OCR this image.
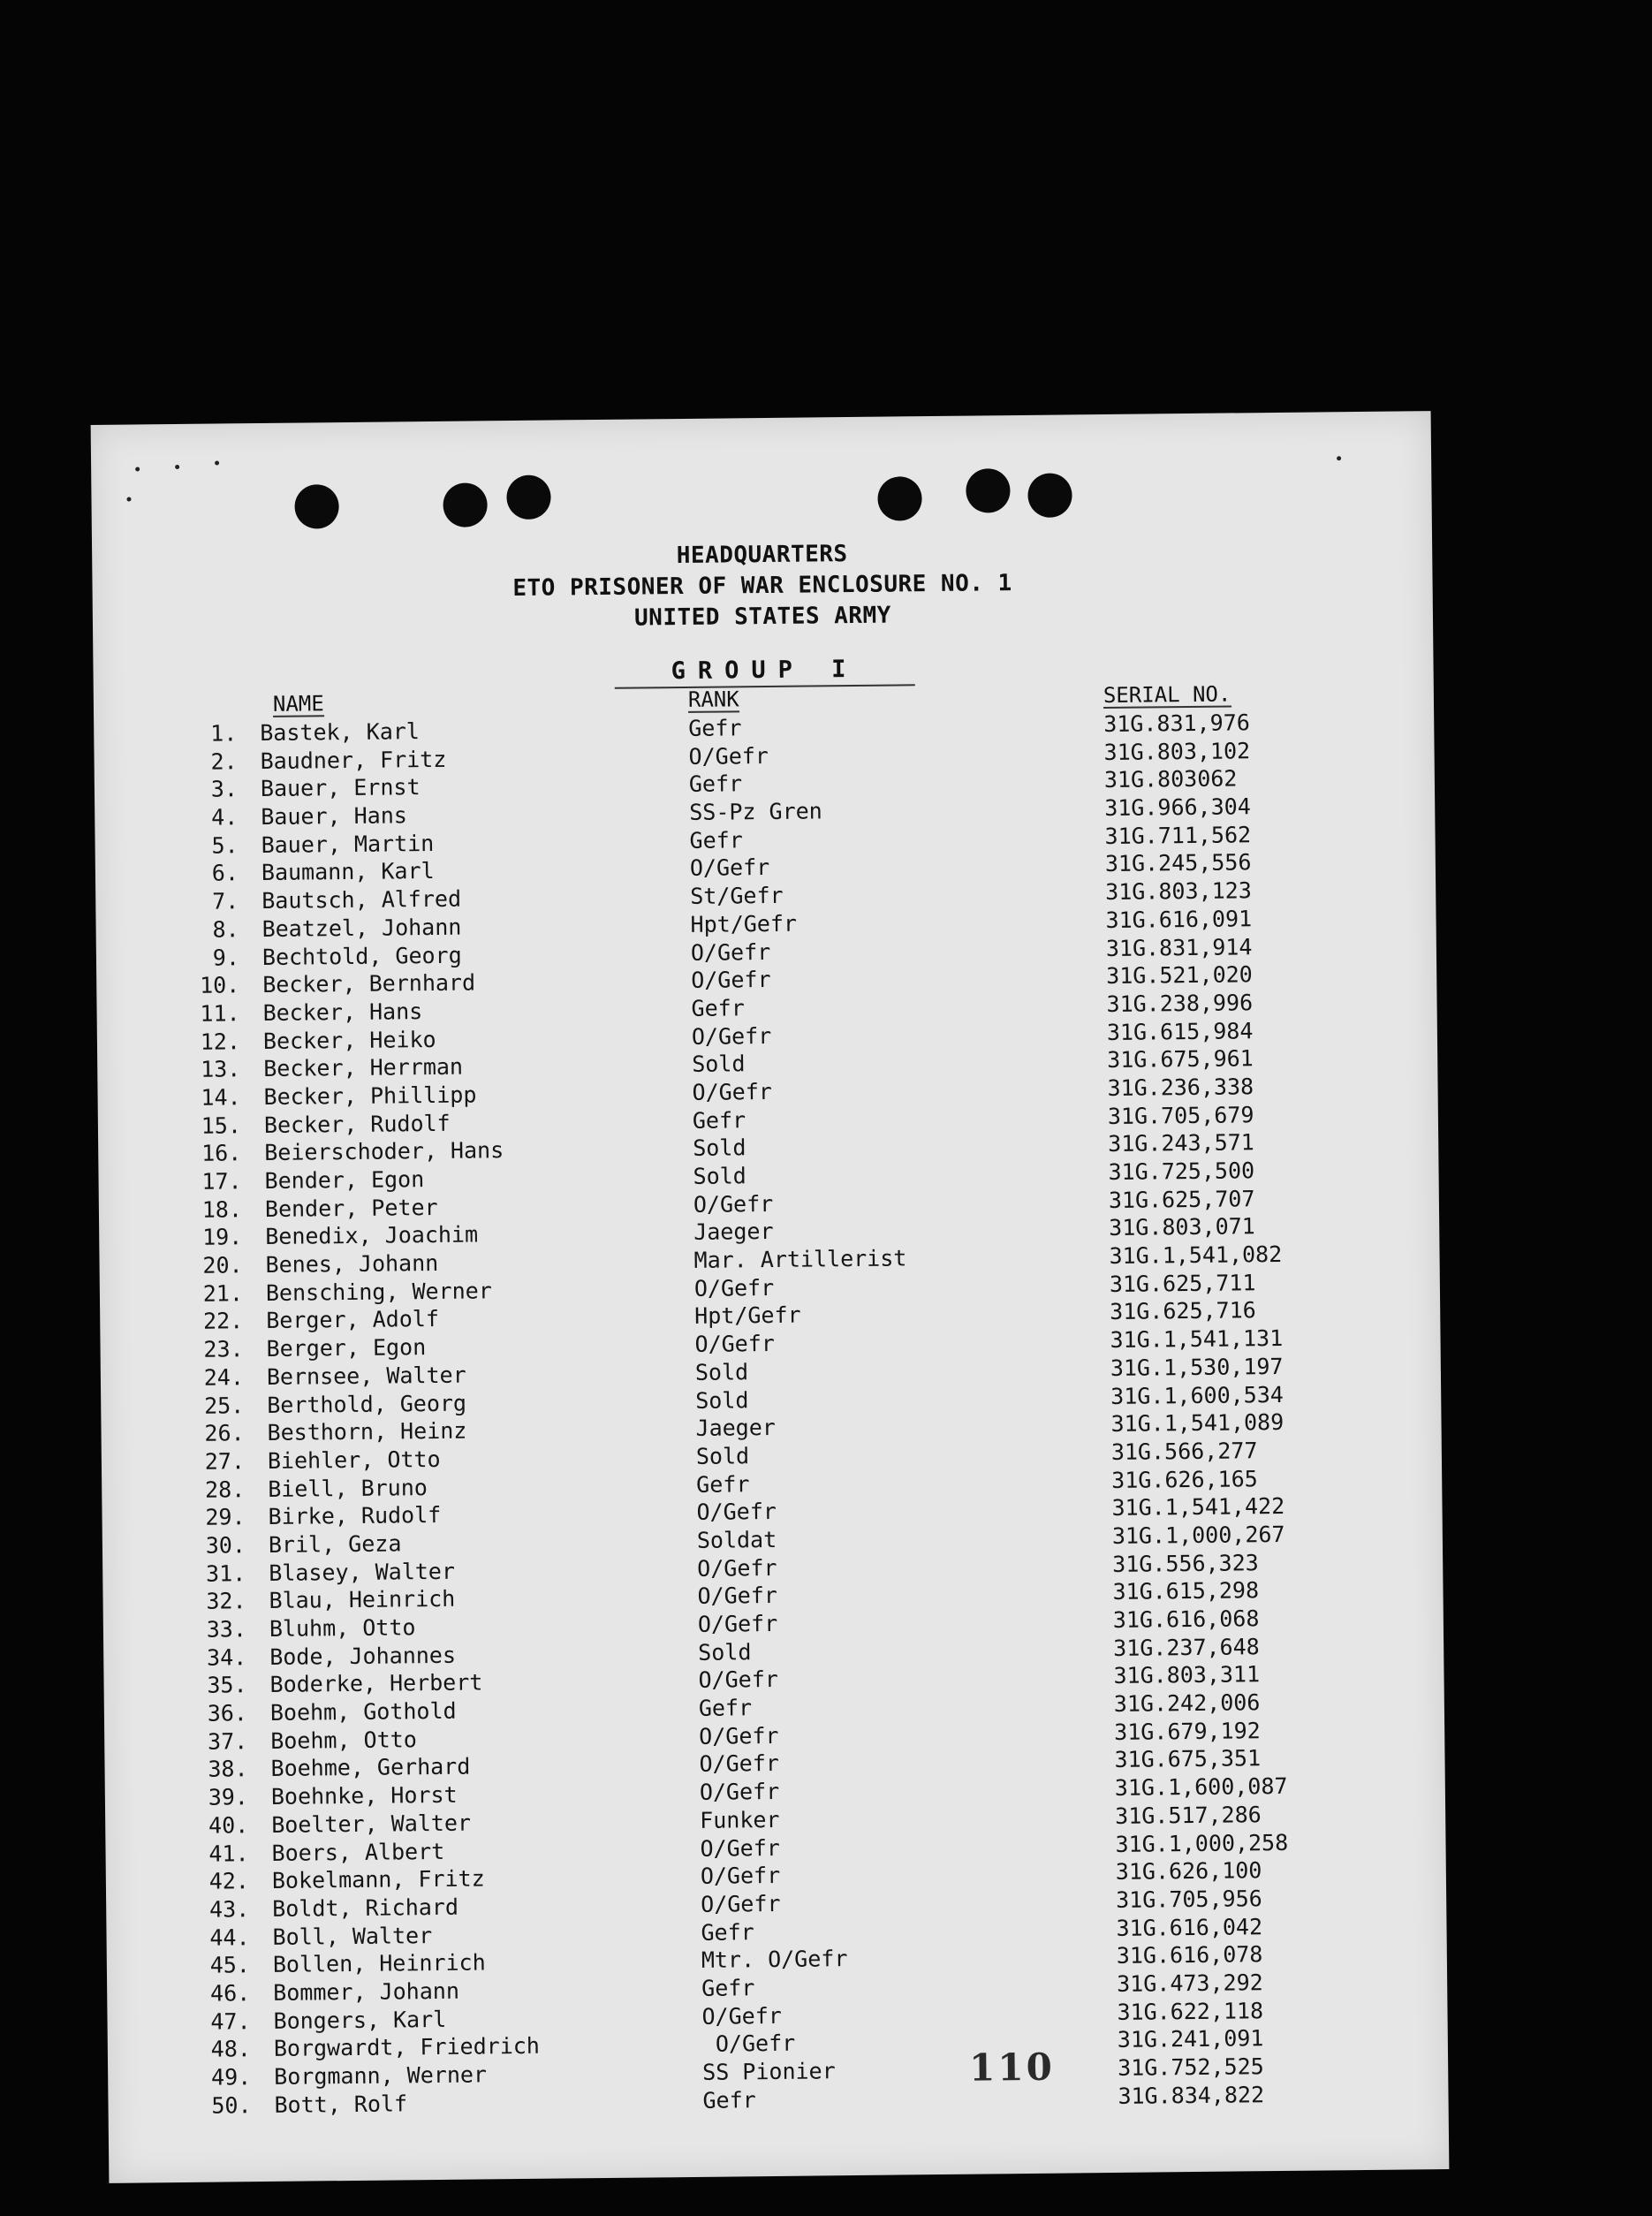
HEADQUARTERS
ETO PRISONER OF WAR ENCLOSURE NO. 1
UNITED STATES ARMY
GROUP I
NAME	RANK	SERIAL NO.
1. Bastek, Karl	Gefr	31G.831,976
2. Baudner, Fritz	O/Gefr	31G.803,102
3. Bauer, Ernst	Gefr	31G.803062
4. Bauer, Hans	SS-Pz Gren	31G.966,304
5. Bauer, Martin	Gefr	31G.711,562
6. Baumann, Karl	O/Gefr	31G.245,556
7. Bautsch, Alfred	St/Gefr	31G.803,123
8. Beatzel, Johann	Hpt/Gefr	31G.616,091
9. Bechtold, Georg	O/Gefr	31G.831,914
10. Becker, Bernhard	O/Gefr	31G.521,020
11. Becker, Hans	Gefr	31G.238,996
12. Becker, Heiko	O/Gefr	31G.615,984
13. Becker, Herrman	Sold	31G.675,961
14. Becker, Phillipp	O/Gefr	31G.236,338
15. Becker, Rudolf	Gefr	31G.705,679
16. Beierschoder, Hans	Sold	31G.243,571
17. Bender, Egon	Sold	31G.725,500
18. Bender, Peter	O/Gefr	31G.625,707
19. Benedix, Joachim	Jaeger	31G.803,071
20. Benes, Johann	Mar. Artillerist	31G.1,541,082
21. Bensching, Werner	O/Gefr	31G.625,711
22. Berger, Adolf	Hpt/Gefr	31G.625,716
23. Berger, Egon	O/Gefr	31G.1,541,131
24. Bernsee, Walter	Sold	31G.1,530,197
25. Berthold, Georg	Sold	31G.1,600,534
26. Besthorn, Heinz	Jaeger	31G.1,541,089
27. Biehler, Otto	Sold	31G.566,277
28. Biell, Bruno	Gefr	31G.626,165
29. Birke, Rudolf	O/Gefr	31G.1,541,422
30. Bril, Geza	Soldat	31G.1,000,267
31. Blasey, Walter	O/Gefr	31G.556,323
32. Blau, Heinrich	O/Gefr	31G.615,298
33. Bluhm, Otto	O/Gefr	31G.616,068
34. Bode, Johannes	Sold	31G.237,648
35. Boderke, Herbert	O/Gefr	31G.803,311
36. Boehm, Gothold	Gefr	31G.242,006
37. Boehm, Otto	O/Gefr	31G.679,192
38. Boehme, Gerhard	O/Gefr	31G.675,351
39. Boehnke, Horst	O/Gefr	31G.1,600,087
40. Boelter, Walter	Funker	31G.517,286
41. Boers, Albert	O/Gefr	31G.1,000,258
42. Bokelmann, Fritz	O/Gefr	31G.626,100
43. Boldt, Richard	O/Gefr	31G.705,956
44. Boll, Walter	Gefr	31G.616,042
45. Bollen, Heinrich	Mtr. O/Gefr	31G.616,078
46. Bommer, Johann	Gefr	31G.473,292
47. Bongers, Karl	O/Gefr	31G.622,118
48. Borgwardt, Friedrich	O/Gefr	31G.241,091
49. Borgmann, Werner	SS Pionier	31G.752,525
50. Bott, Rolf	Gefr	31G.834,822
110
